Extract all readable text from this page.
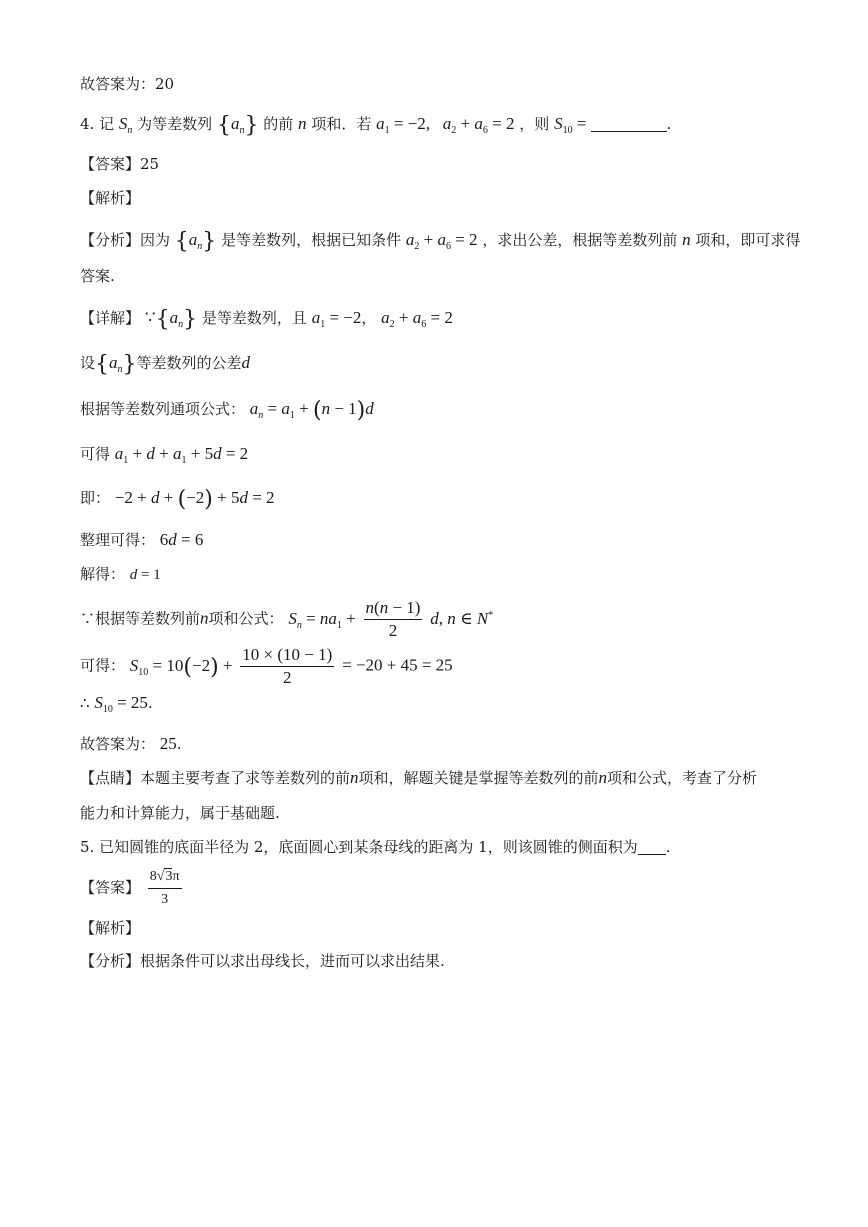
故答案为：20
4. 记 $S_n$ 为等差数列 $\{a_n\}$ 的前 n 项和．若 $a_1 = -2$,   $a_2 + a_6 = 2$ ，则 $S_{10}$ =	.
【答案】25
【解析】
【分析】因为 $\{a_n\}$ 是等差数列，根据已知条件 $a_2 + a_6 = 2$ ，求出公差，根据等差数列前 n 项和，即可求得
答案.
【详解】 $\because\{a_n\}$ 是等差数列，且 $a_1 = -2$， $a_2 + a_6 = 2$
设$\{a_n\}$等差数列的公差d
根据等差数列通项公式： $a_n = a_1 + (n - 1)d$
可得 $a_1 + d + a_1 + 5d = 2$
即： −2 + d + (−2) + 5d = 2
整理可得： 6d = 6
解得： d = 1
∵根据等差数列前n项和公式： $S_n = na_1 + \frac{n(n - 1)}{2} d$, n ∈ N*
可得： $S_{10} = 10(-2) + \frac{10 \times (10 - 1)}{2} = -20 + 45 = 25$
∴ $S_{10} = 25$.
故答案为： 25.
【点睛】本题主要考查了求等差数列的前n项和，解题关键是掌握等差数列的前n项和公式，考查了分析
能力和计算能力，属于基础题.
5. 已知圆锥的底面半径为 2，底面圆心到某条母线的距离为 1，则该圆锥的侧面积为 .
【答案】 $\frac{8√3\pi}{3}$
【解析】
【分析】根据条件可以求出母线长，进而可以求出结果.
